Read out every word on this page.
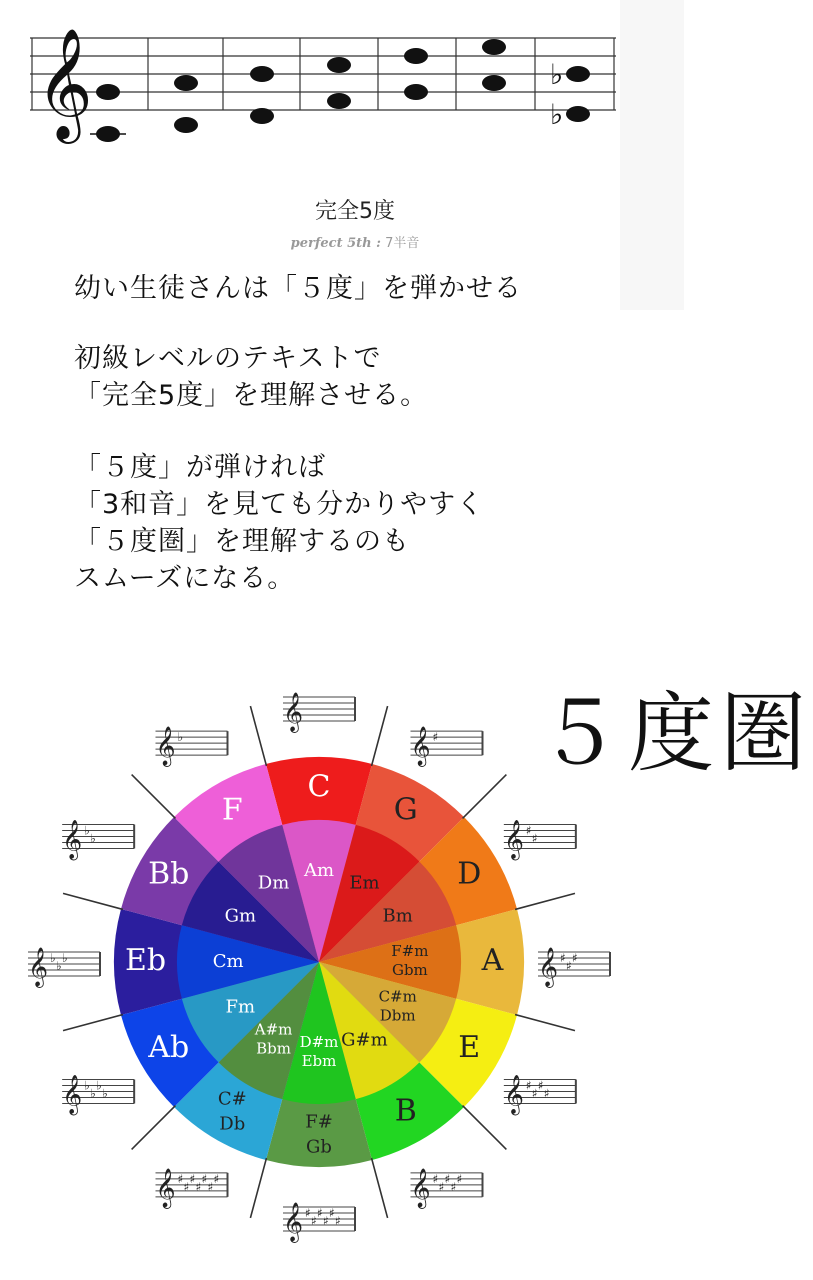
𝄞	♭
♭
完全5度
perfect 5th : 7半音
幼い生徒さんは「５度」を弾かせる
初級レベルのテキストで
「完全5度」を理解させる。
「５度」が弾ければ
「3和音」を見ても分かりやすく
「５度圏」を理解するのも
スムーズになる。
C
G
D
A
E
B
F#
Gb
C#
Db
Ab
Eb
Bb
F
Am
Em
Bm
F#m
Gbm
C#m
Dbm
G#m
D#m
Ebm
A#m
Bbm
Fm
Cm
Gm
Dm
𝄞
𝄞 ♯
𝄞 ♯
♯
𝄞 ♯
♯
♯
𝄞 ♯
♯
♯
♯
𝄞 ♯
♯
♯
♯
♯
𝄞 ♯
♯
♯
♯
♯
♯
𝄞 ♯
♯
♯
♯
♯
♯
♯
𝄞 ♭
♭
♭
♭
𝄞 ♭
♭
♭
𝄞 ♭
♭
𝄞 ♭	５度圏
